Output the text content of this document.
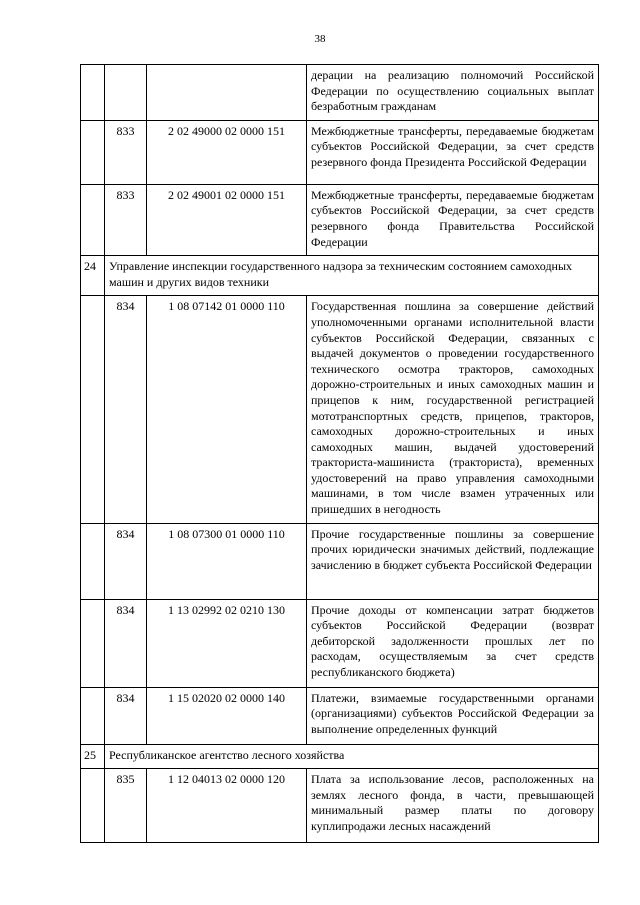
38
			дерации на реализацию полномочий Российской Федерации по осуществлению социальных выплат безработным гражданам
	833	2 02 49000 02 0000 151	Межбюджетные трансферты, передаваемые бюджетам субъектов Российской Федерации, за счет средств резервного фонда Президента Российской Федерации
	833	2 02 49001 02 0000 151	Межбюджетные трансферты, передаваемые бюджетам субъектов Российской Федерации, за счет средств резервного фонда Правительства Российской Федерации
24	Управление инспекции государственного надзора за техническим состоянием самоходных машин и других видов техники		
	834	1 08 07142 01 0000 110	Государственная пошлина за совершение действий уполномоченными органами исполнительной власти субъектов Российской Федерации, связанных с выдачей документов о проведении государственного технического осмотра тракторов, самоходных дорожно-строительных и иных самоходных машин и прицепов к ним, государственной регистрацией мототранспортных средств, прицепов, тракторов, самоходных дорожно-строительных и иных самоходных машин, выдачей удостоверений тракториста-машиниста (тракториста), временных удостоверений на право управления самоходными машинами, в том числе взамен утраченных или пришедших в негодность
	834	1 08 07300 01 0000 110	Прочие государственные пошлины за совершение прочих юридически значимых действий, подлежащие зачислению в бюджет субъекта Российской Федерации
	834	1 13 02992 02 0210 130	Прочие доходы от компенсации затрат бюджетов субъектов Российской Федерации (возврат дебиторской задолженности прошлых лет по расходам, осуществляемым за счет средств республиканского бюджета)
	834	1 15 02020 02 0000 140	Платежи, взимаемые государственными органами (организациями) субъектов Российской Федерации за выполнение определенных функций
25	Республиканское агентство лесного хозяйства		
	835	1 12 04013 02 0000 120	Плата за использование лесов, расположенных на землях лесного фонда, в части, превышающей минимальный размер платы по договору куплипродажи лесных насаждений
